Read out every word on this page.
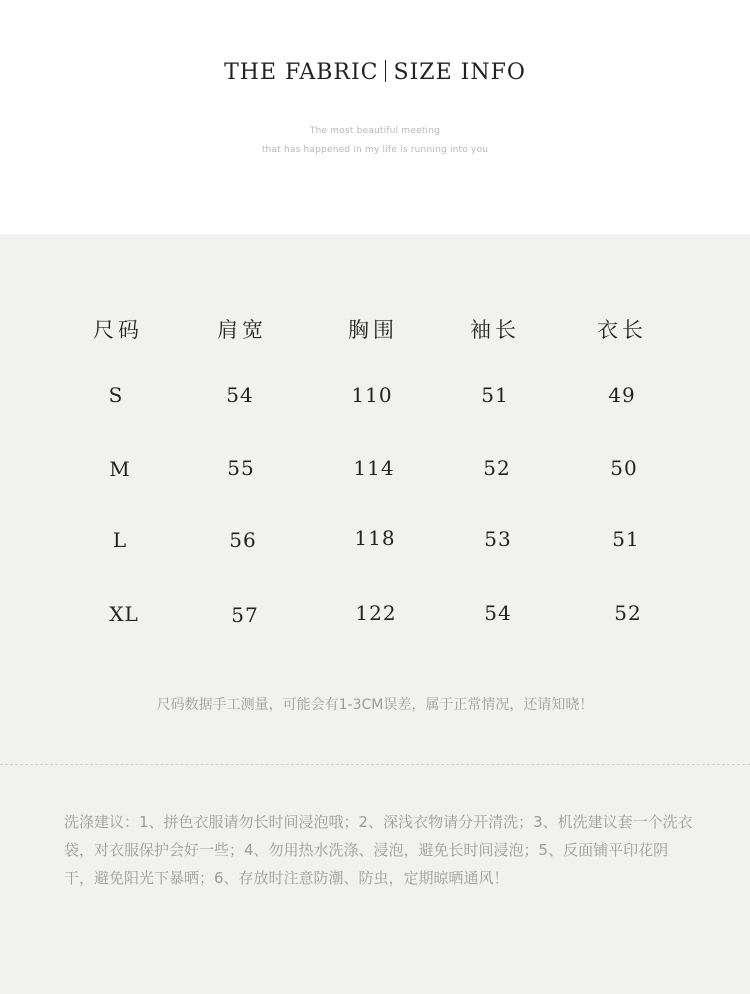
THE FABRIC SIZE INFO
The most beautiful meeting
that has happened in my life is running into you
尺码	肩宽	胸围	袖长	衣长
S	54	110	51	49
M	55	114	52	50
L	56	118	53	51
XL	57	122	54	52
尺码数据手工测量，可能会有1-3CM误差，属于正常情况，还请知晓！
洗涤建议：1、拼色衣服请勿长时间浸泡哦；2、深浅衣物请分开清洗；3、机洗建议套一个洗衣袋，对衣服保护会好一些；4、勿用热水洗涤、浸泡，避免长时间浸泡；5、反面铺平印花阴干，避免阳光下暴晒；6、存放时注意防潮、防虫，定期晾晒通风！
